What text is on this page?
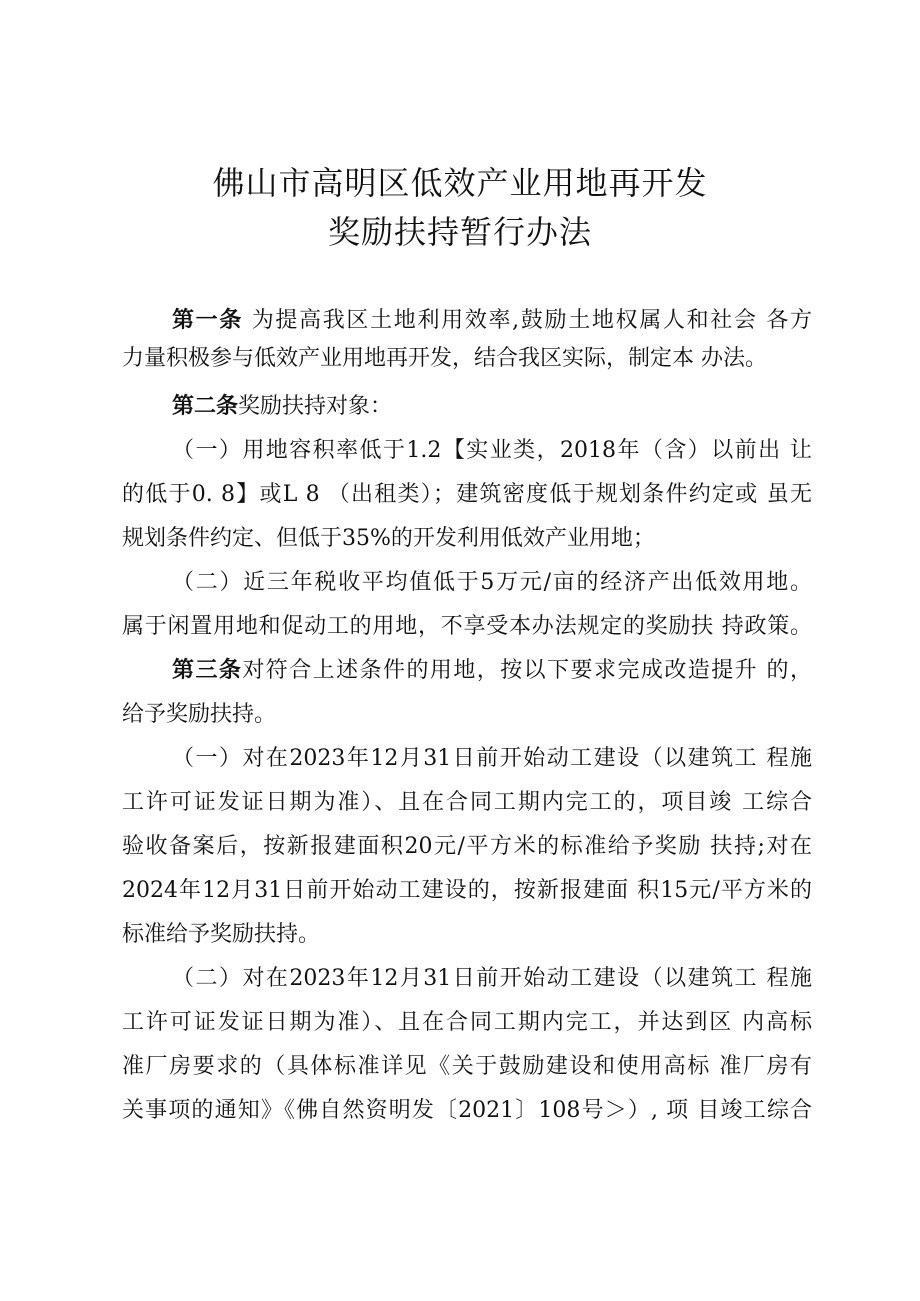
佛山市高明区低效产业用地再开发
奖励扶持暂行办法
第一条 为提高我区土地利用效率,鼓励土地权属人和社会 各方
力量积极参与低效产业用地再开发，结合我区实际，制定本 办法。
第二条奖励扶持对象：
（一）用地容积率低于1.2【实业类，2018年（含）以前出 让
的低于0. 8】或L 8 （出租类）；建筑密度低于规划条件约定或 虽无
规划条件约定、但低于35%的开发利用低效产业用地；
（二）近三年税收平均值低于5万元/亩的经济产出低效用地。
属于闲置用地和促动工的用地，不享受本办法规定的奖励扶 持政策。
第三条对符合上述条件的用地，按以下要求完成改造提升 的，
给予奖励扶持。
（一）对在2023年12月31日前开始动工建设（以建筑工 程施
工许可证发证日期为准）、且在合同工期内完工的，项目竣 工综合
验收备案后，按新报建面积20元/平方米的标准给予奖励 扶持;对在
2024年12月31日前开始动工建设的，按新报建面 积15元/平方米的
标准给予奖励扶持。
（二）对在2023年12月31日前开始动工建设（以建筑工 程施
工许可证发证日期为准）、且在合同工期内完工，并达到区 内高标
准厂房要求的（具体标准详见《关于鼓励建设和使用高标 准厂房有
关事项的通知》《佛自然资明发〔2021〕108号＞）, 项 目竣工综合
